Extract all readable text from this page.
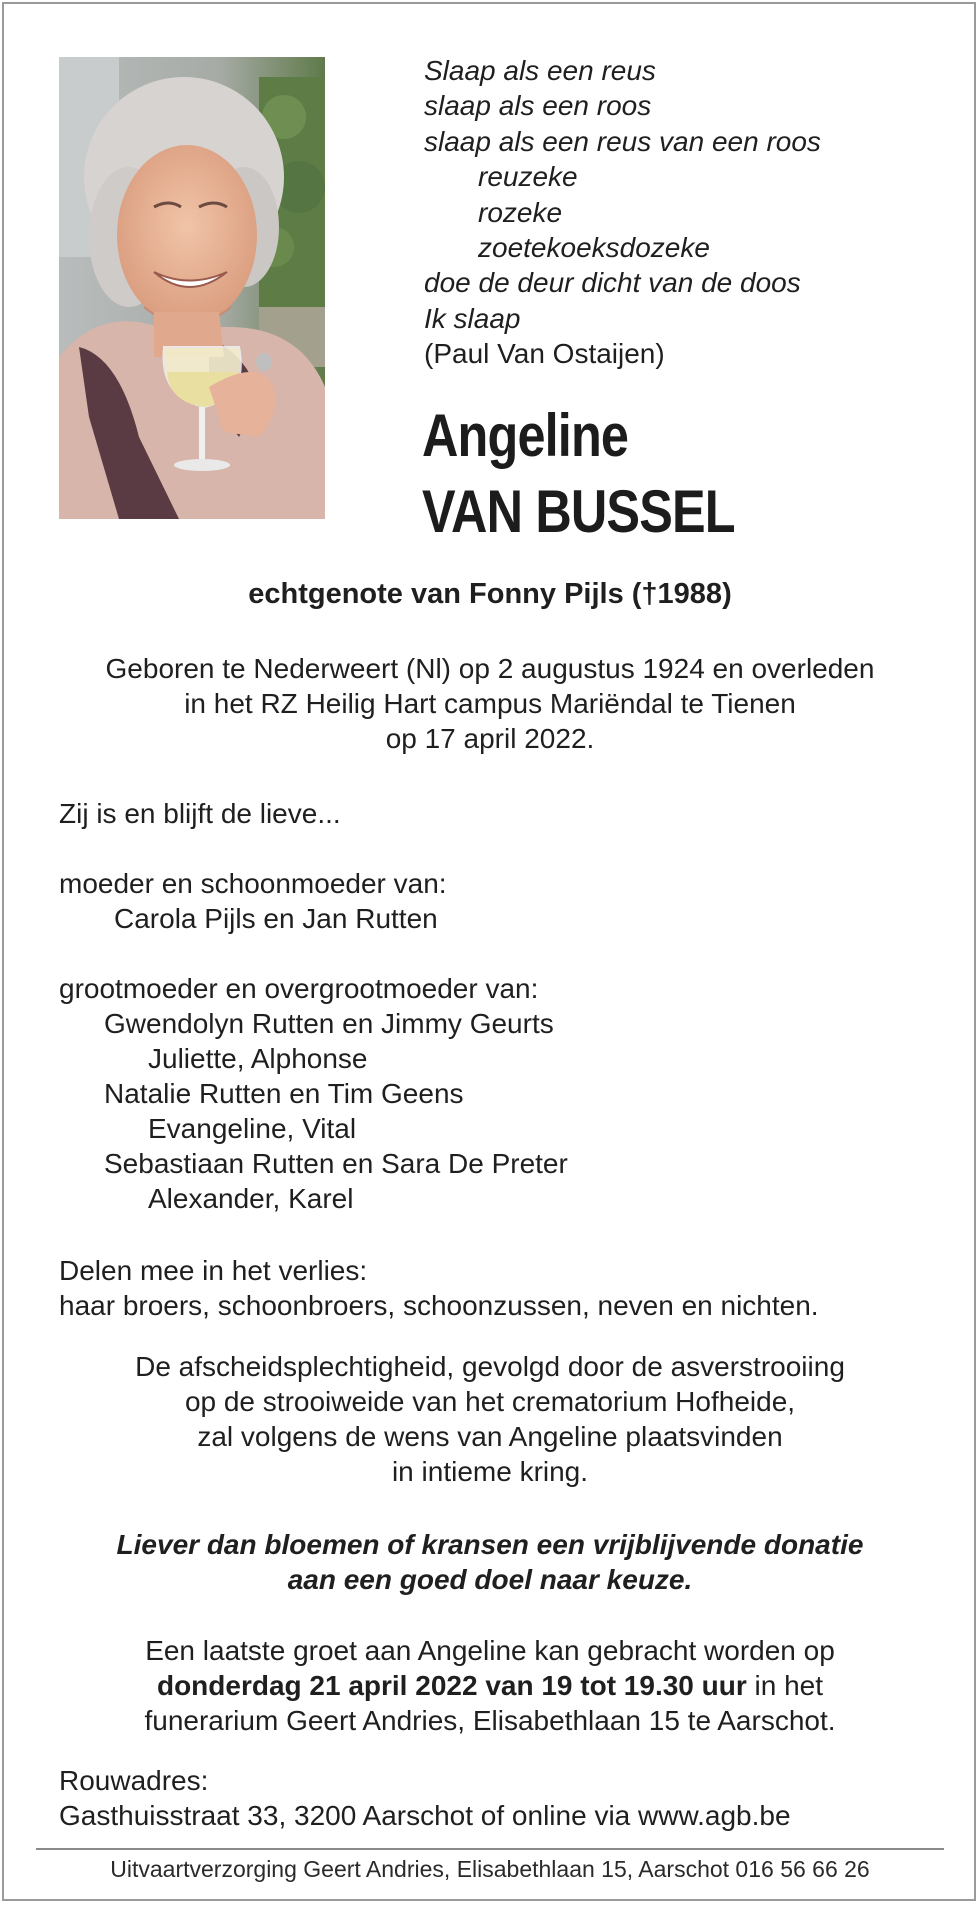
Slaap als een reus
slaap als een roos
slaap als een reus van een roos
reuzeke
rozeke
zoetekoeksdozeke
doe de deur dicht van de doos
Ik slaap
(Paul Van Ostaijen)
Angeline
VAN BUSSEL
echtgenote van Fonny Pijls (†1988)
Geboren te Nederweert (Nl) op 2 augustus 1924 en overleden
in het RZ Heilig Hart campus Mariëndal te Tienen
op 17 april 2022.
Zij is en blijft de lieve...
moeder en schoonmoeder van:
Carola Pijls en Jan Rutten
grootmoeder en overgrootmoeder van:
Gwendolyn Rutten en Jimmy Geurts
Juliette, Alphonse
Natalie Rutten en Tim Geens
Evangeline, Vital
Sebastiaan Rutten en Sara De Preter
Alexander, Karel
Delen mee in het verlies:
haar broers, schoonbroers, schoonzussen, neven en nichten.
De afscheidsplechtigheid, gevolgd door de asverstrooiing
op de strooiweide van het crematorium Hofheide,
zal volgens de wens van Angeline plaatsvinden
in intieme kring.
Liever dan bloemen of kransen een vrijblijvende donatie
aan een goed doel naar keuze.
Een laatste groet aan Angeline kan gebracht worden op
donderdag 21 april 2022 van 19 tot 19.30 uur in het
funerarium Geert Andries, Elisabethlaan 15 te Aarschot.
Rouwadres:
Gasthuisstraat 33, 3200 Aarschot of online via www.agb.be
Uitvaartverzorging Geert Andries, Elisabethlaan 15, Aarschot 016 56 66 26
